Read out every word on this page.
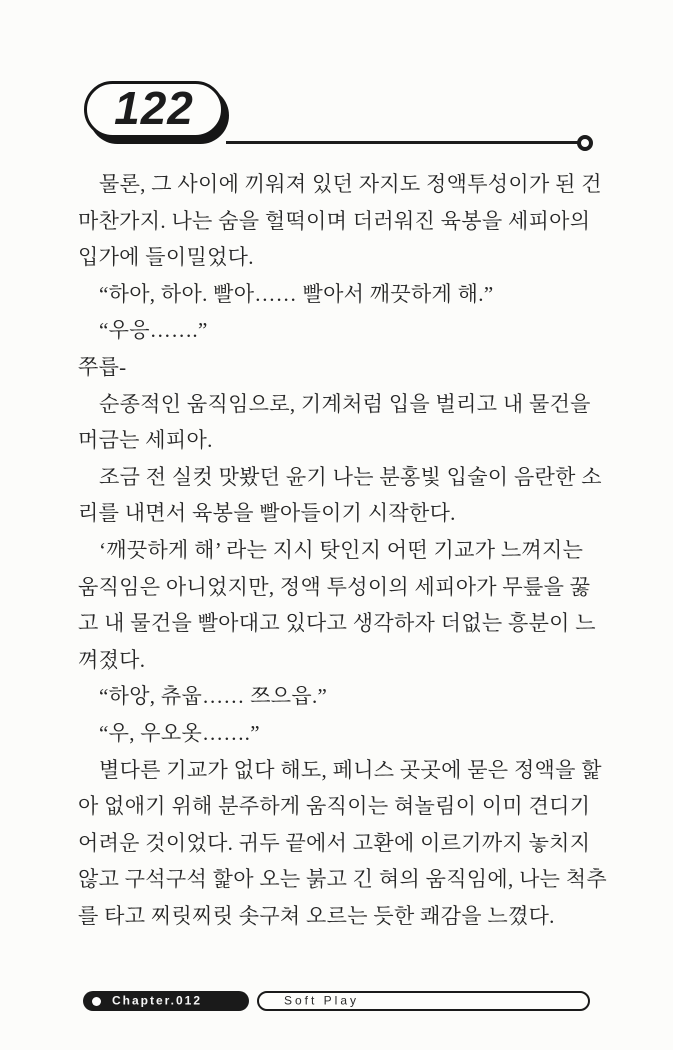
122
물론, 그 사이에 끼워져 있던 자지도 정액투성이가 된 건
마찬가지. 나는 숨을 헐떡이며 더러워진 육봉을 세피아의
입가에 들이밀었다.
“하아, 하아. 빨아…… 빨아서 깨끗하게 해.”
“우응…….”
쭈릅-
순종적인 움직임으로, 기계처럼 입을 벌리고 내 물건을
머금는 세피아.
조금 전 실컷 맛봤던 윤기 나는 분홍빛 입술이 음란한 소
리를 내면서 육봉을 빨아들이기 시작한다.
‘깨끗하게 해’ 라는 지시 탓인지 어떤 기교가 느껴지는
움직임은 아니었지만, 정액 투성이의 세피아가 무릎을 꿇
고 내 물건을 빨아대고 있다고 생각하자 더없는 흥분이 느
껴졌다.
“하앙, 츄웁…… 쯔으읍.”
“우, 우오옷…….”
별다른 기교가 없다 해도, 페니스 곳곳에 묻은 정액을 핥
아 없애기 위해 분주하게 움직이는 혀놀림이 이미 견디기
어려운 것이었다. 귀두 끝에서 고환에 이르기까지 놓치지
않고 구석구석 핥아 오는 붉고 긴 혀의 움직임에, 나는 척추
를 타고 찌릿찌릿 솟구쳐 오르는 듯한 쾌감을 느꼈다.
Chapter.012	Soft Play
